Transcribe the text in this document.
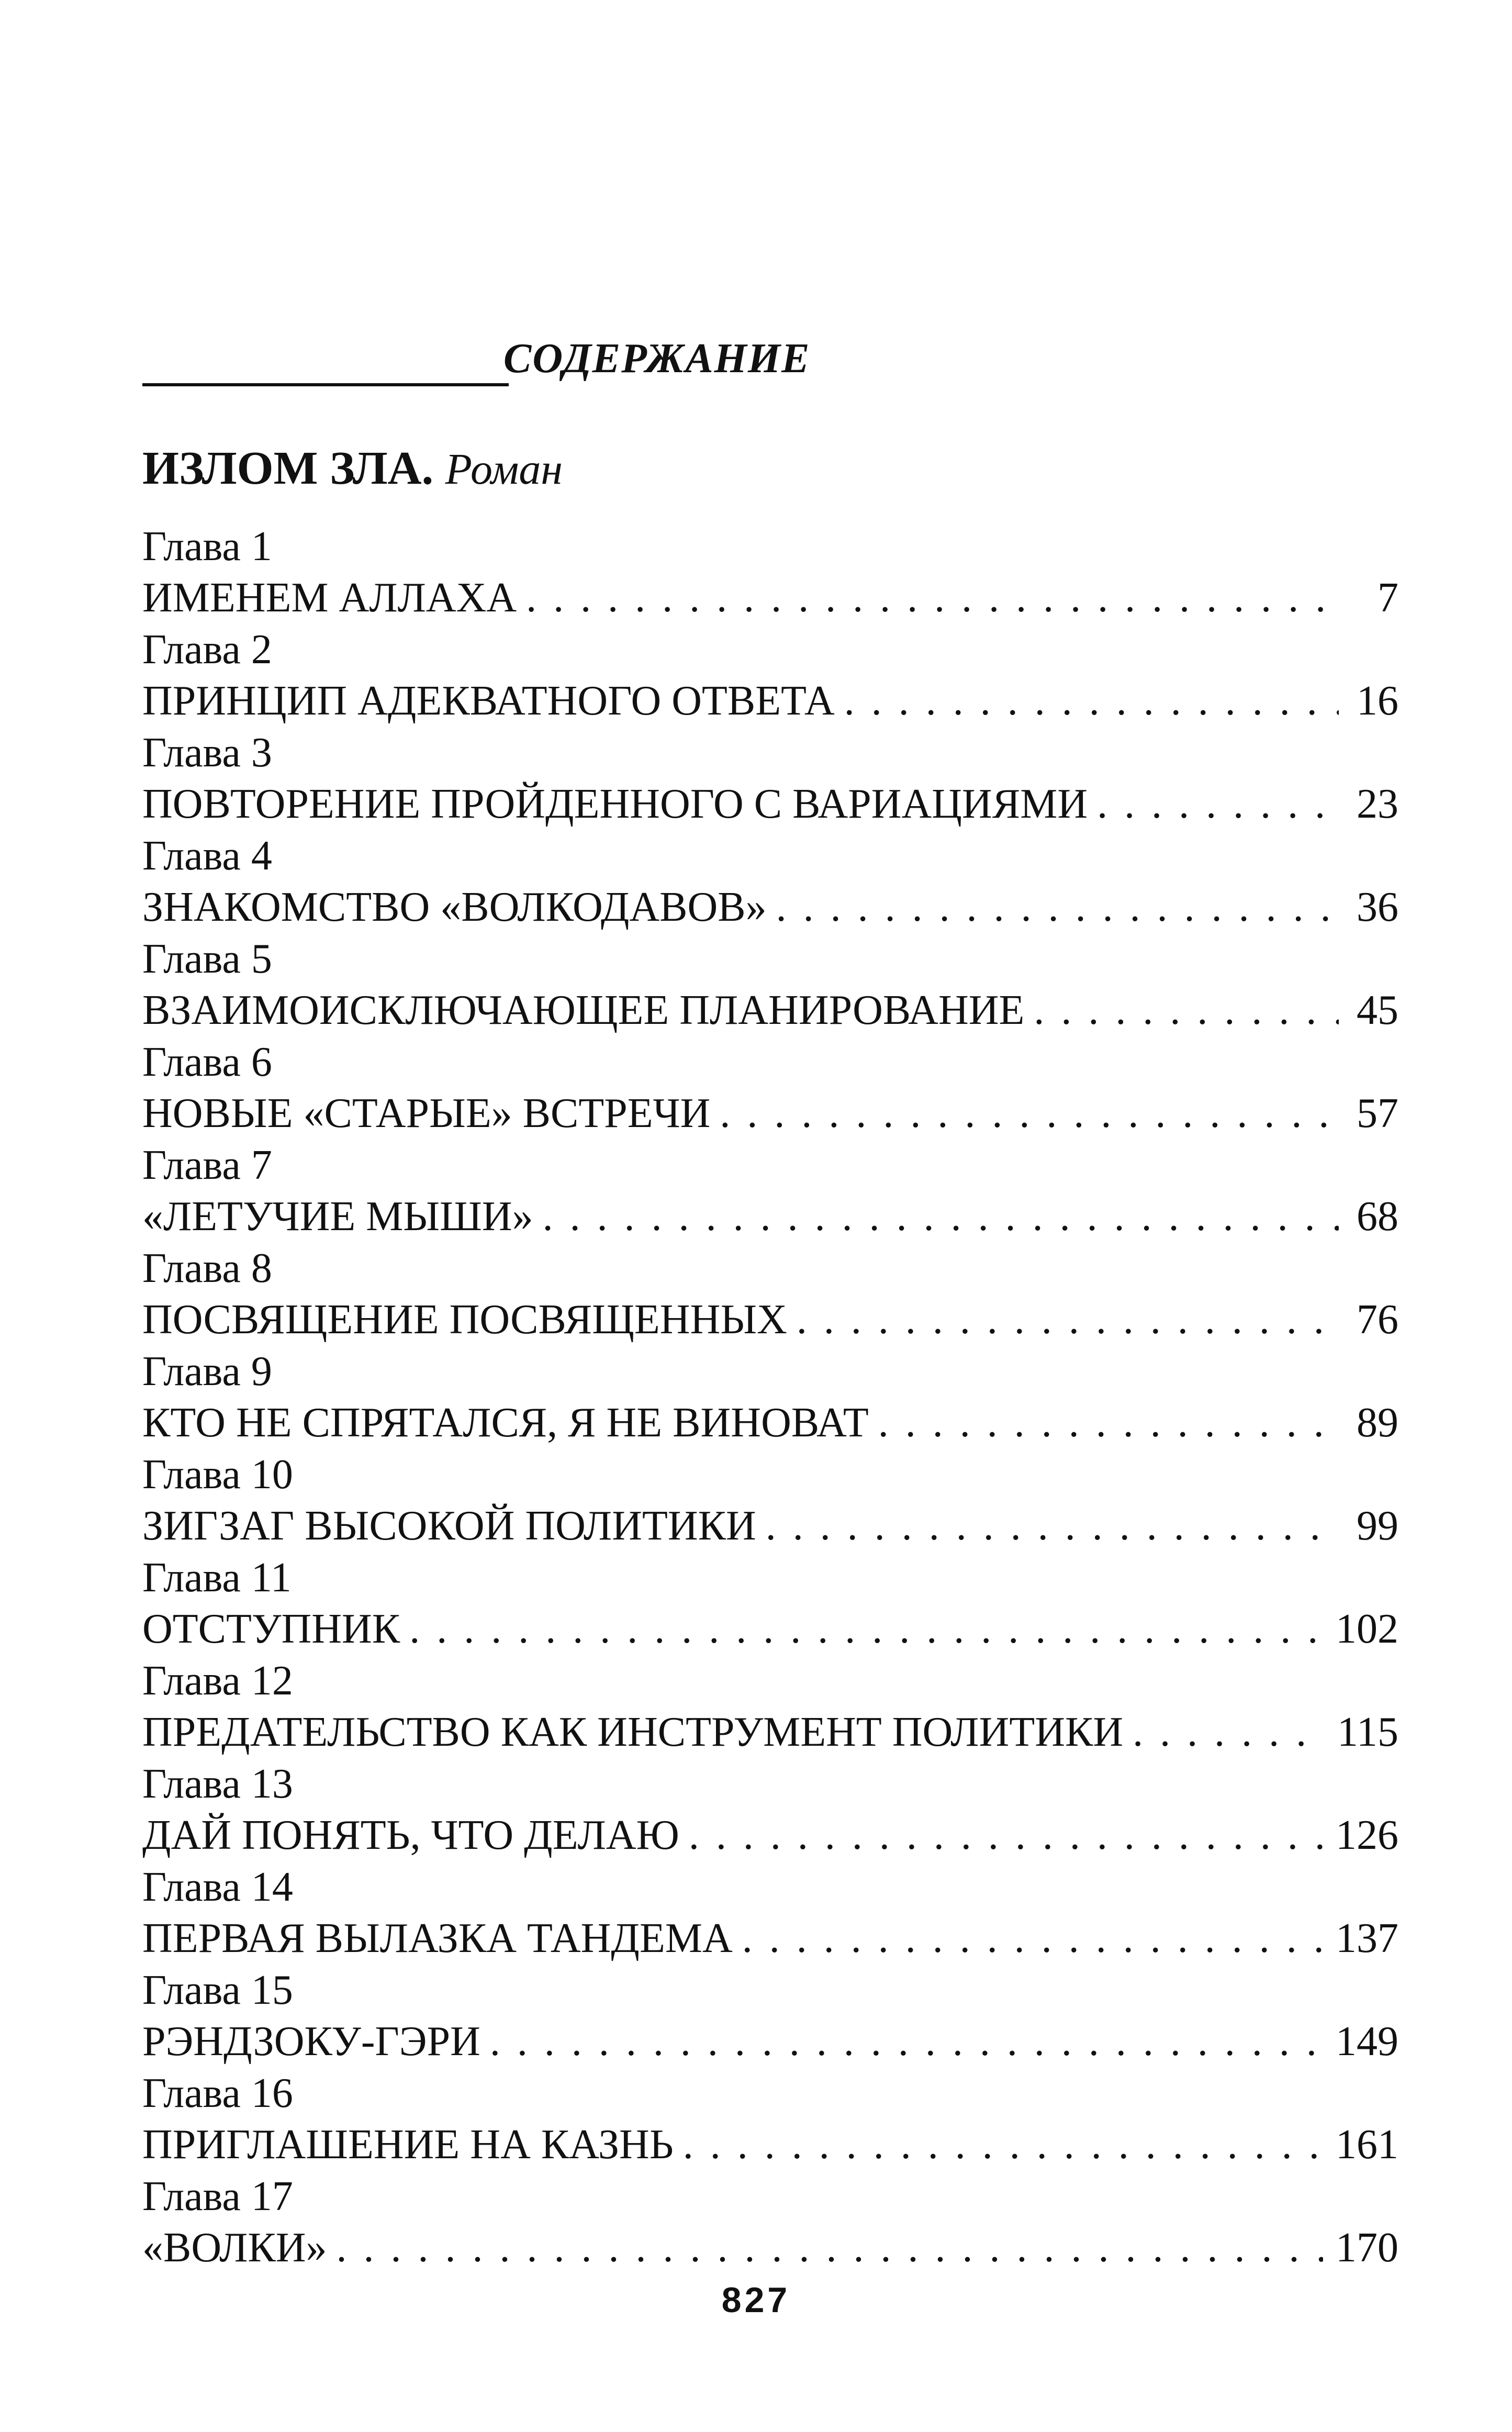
СОДЕРЖАНИЕ
ИЗЛОМ ЗЛА. Роман
Глава 1
ИМЕНЕМ АЛЛАХА . . .	7
Глава 2
ПРИНЦИП АДЕКВАТНОГО ОТВЕТА . . .	16
Глава 3
ПОВТОРЕНИЕ ПРОЙДЕННОГО С ВАРИАЦИЯМИ . . .	23
Глава 4
ЗНАКОМСТВО «ВОЛКОДАВОВ» . . .	36
Глава 5
ВЗАИМОИСКЛЮЧАЮЩЕЕ ПЛАНИРОВАНИЕ . . .	45
Глава 6
НОВЫЕ «СТАРЫЕ» ВСТРЕЧИ . . .	57
Глава 7
«ЛЕТУЧИЕ МЫШИ» . . .	68
Глава 8
ПОСВЯЩЕНИЕ ПОСВЯЩЕННЫХ . . .	76
Глава 9
КТО НЕ СПРЯТАЛСЯ, Я НЕ ВИНОВАТ . . .	89
Глава 10
ЗИГЗАГ ВЫСОКОЙ ПОЛИТИКИ . . .	99
Глава 11
ОТСТУПНИК . . .	102
Глава 12
ПРЕДАТЕЛЬСТВО КАК ИНСТРУМЕНТ ПОЛИТИКИ . . .	115
Глава 13
ДАЙ ПОНЯТЬ, ЧТО ДЕЛАЮ . . .	126
Глава 14
ПЕРВАЯ ВЫЛАЗКА ТАНДЕМА . . .	137
Глава 15
РЭНДЗОКУ-ГЭРИ . . .	149
Глава 16
ПРИГЛАШЕНИЕ НА КАЗНЬ . . .	161
Глава 17
«ВОЛКИ» . . .	170
827
